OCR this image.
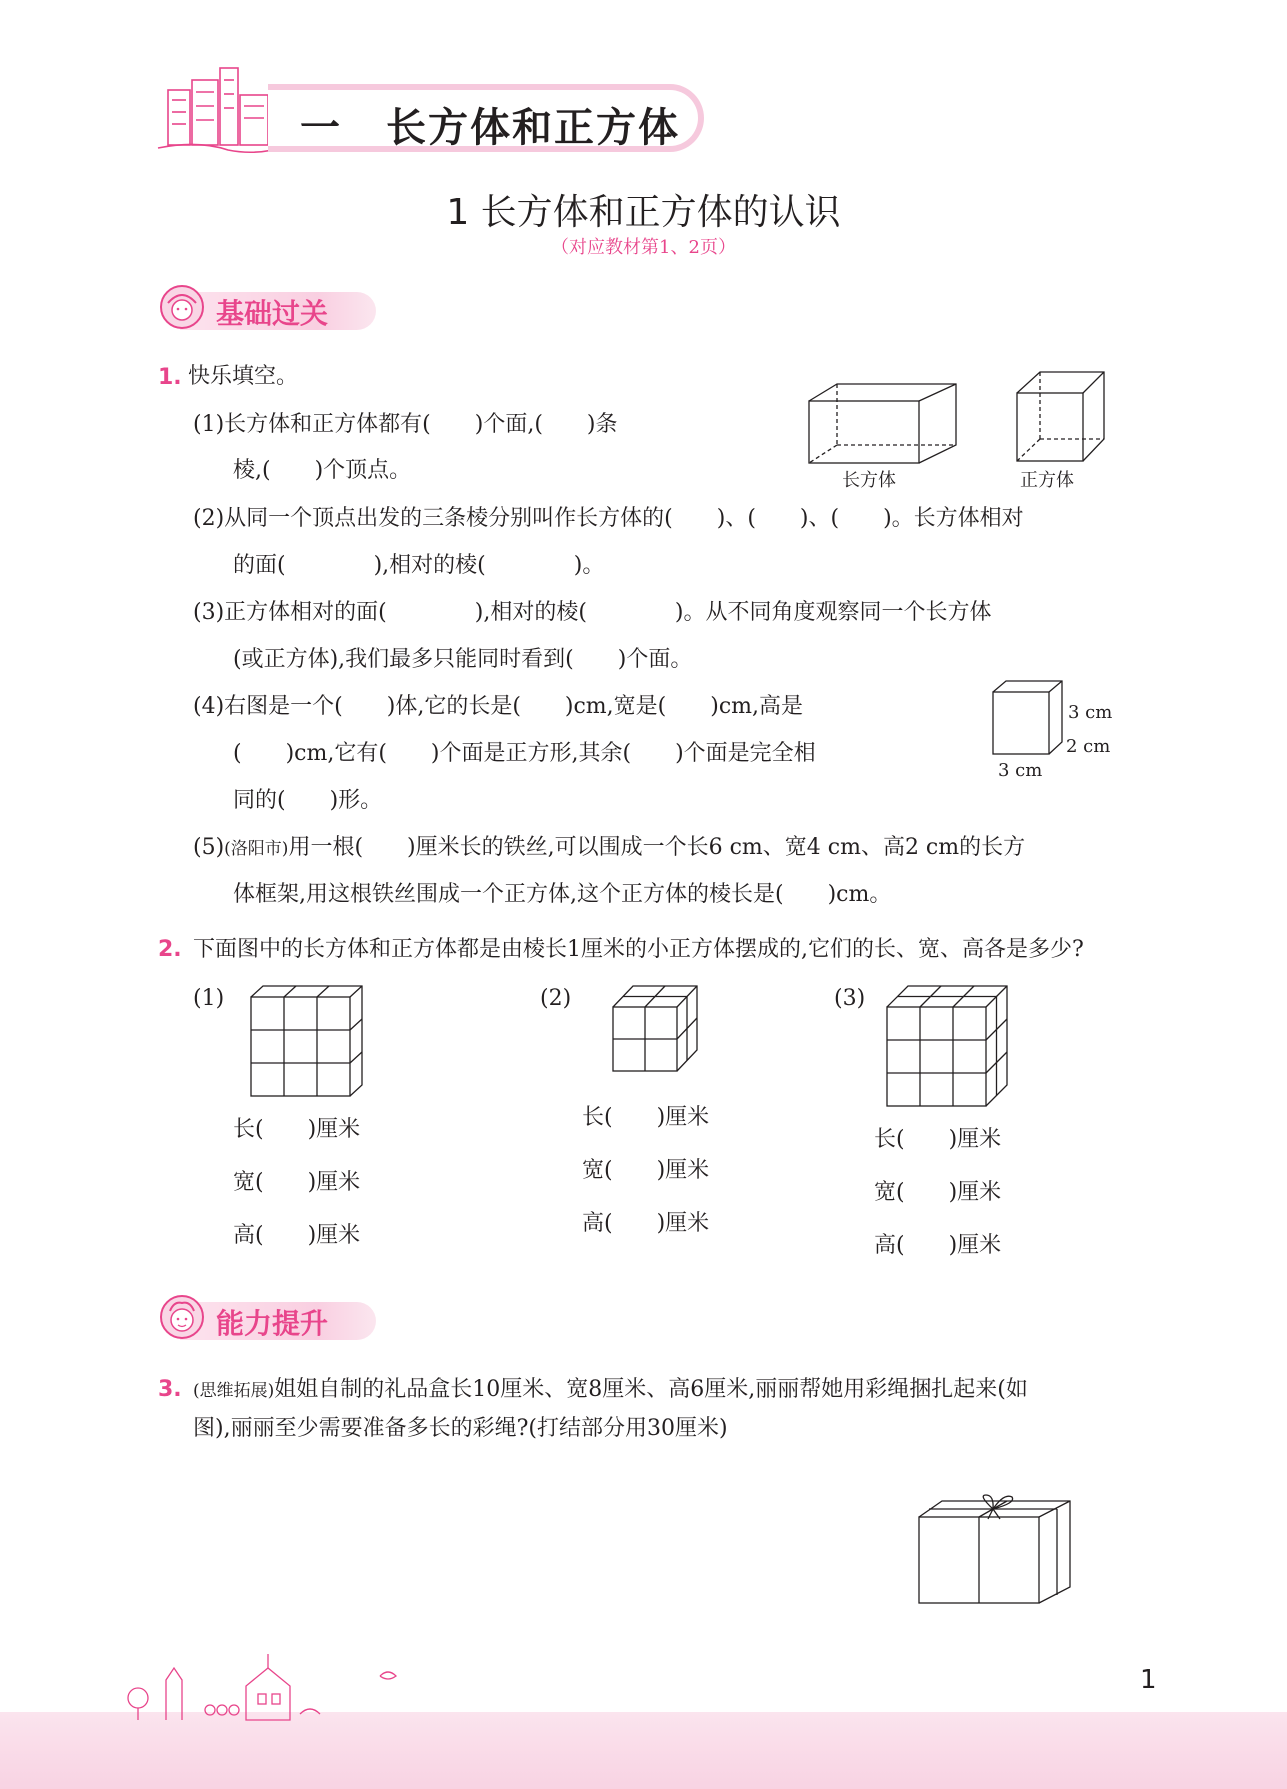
一 长方体和正方体
1 长方体和正方体的认识
（对应教材第1、2页）
基础过关
1. 快乐填空。
(1)长方体和正方体都有(　　)个面,(　　)条
棱,(　　)个顶点。
(2)从同一个顶点出发的三条棱分别叫作长方体的(　　)、(　　)、(　　)。长方体相对
的面(　　　　),相对的棱(　　　　)。
(3)正方体相对的面(　　　　),相对的棱(　　　　)。从不同角度观察同一个长方体
(或正方体),我们最多只能同时看到(　　)个面。
(4)右图是一个(　　)体,它的长是(　　)cm,宽是(　　)cm,高是
(　　)cm,它有(　　)个面是正方形,其余(　　)个面是完全相
同的(　　)形。
(5)(洛阳市)用一根(　　)厘米长的铁丝,可以围成一个长6 cm、宽4 cm、高2 cm的长方
体框架,用这根铁丝围成一个正方体,这个正方体的棱长是(　　)cm。
长方体	正方体
3 cm
2 cm
3 cm
2. 下面图中的长方体和正方体都是由棱长1厘米的小正方体摆成的,它们的长、宽、高各是多少?
(1)	(2)	(3)
长(　　)厘米
宽(　　)厘米
高(　　)厘米
长(　　)厘米
宽(　　)厘米
高(　　)厘米
长(　　)厘米
宽(　　)厘米
高(　　)厘米
能力提升
3. (思维拓展)姐姐自制的礼品盒长10厘米、宽8厘米、高6厘米,丽丽帮她用彩绳捆扎起来(如
图),丽丽至少需要准备多长的彩绳?(打结部分用30厘米)
1
